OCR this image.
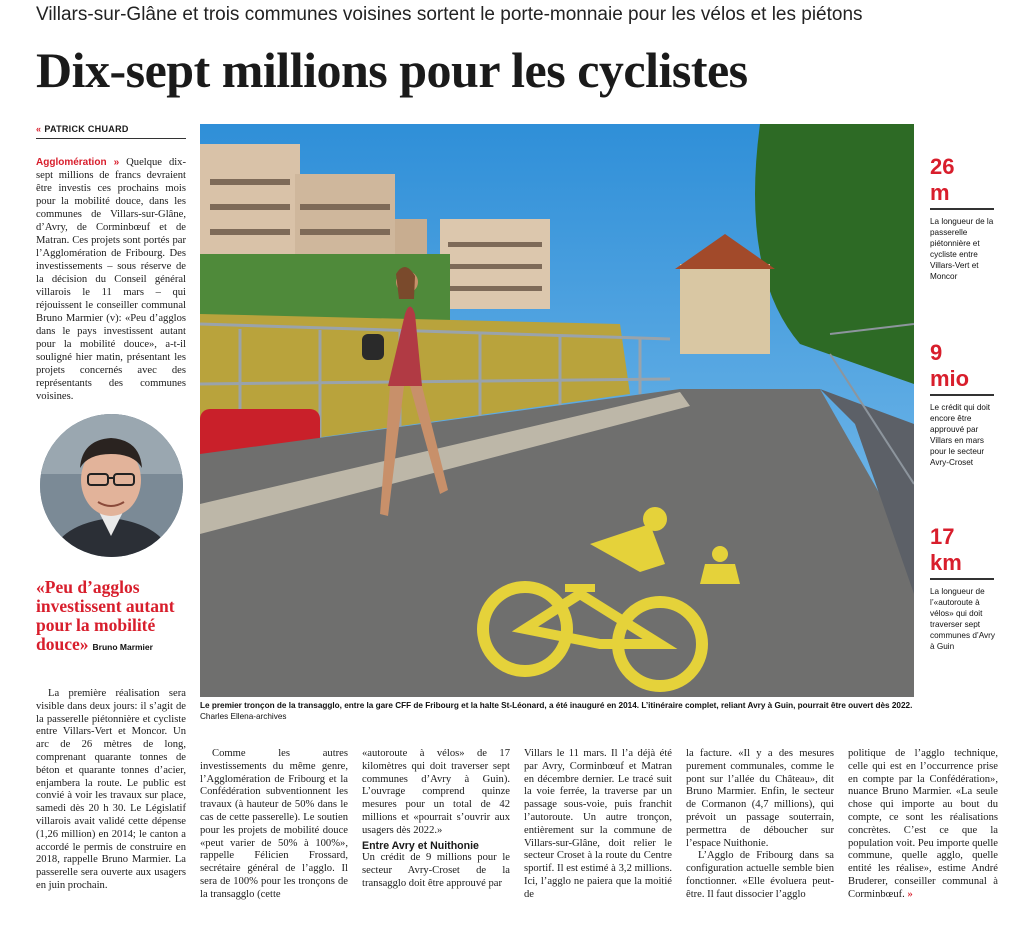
Villars-sur-Glâne et trois communes voisines sortent le porte-monnaie pour les vélos et les piétons
Dix-sept millions pour les cyclistes
« PATRICK CHUARD
Agglomération » Quelque dix-sept millions de francs devraient être investis ces prochains mois pour la mobilité douce, dans les communes de Villars-sur-Glâne, d’Avry, de Corminbœuf et de Matran. Ces projets sont portés par l’Agglomération de Fribourg. Des investissements – sous réserve de la décision du Conseil général villarois le 11 mars – qui réjouissent le conseiller communal Bruno Marmier (v): «Peu d’agglos dans le pays investissent autant pour la mobilité douce», a-t-il souligné hier matin, présentant les projets concernés avec des représentants des communes voisines.
«Peu d’agglos investissent autant pour la mobilité douce» Bruno Marmier
Le premier tronçon de la transagglo, entre la gare CFF de Fribourg et la halte St-Léonard, a été inauguré en 2014. L’itinéraire complet, reliant Avry à Guin, pourrait être ouvert dès 2022. Charles Ellena-archives
26
m
La longueur de la passerelle piétonnière et cycliste entre Villars-Vert et Moncor
9
mio
Le crédit qui doit encore être approuvé par Villars en mars pour le secteur Avry-Croset
17
km
La longueur de l’«autoroute à vélos» qui doit traverser sept communes d’Avry à Guin

La première réalisation sera visible dans deux jours: il s’agit de la passerelle piétonnière et cycliste entre Villars-Vert et Moncor. Un arc de 26 mètres de long, comprenant quarante tonnes de béton et quarante tonnes d’acier, enjambera la route. Le public est convié à voir les travaux sur place, samedi dès 20 h 30. Le Législatif villarois avait validé cette dépense (1,26 million) en 2014; le canton a accordé le permis de construire en 2018, rappelle Bruno Marmier. La passerelle sera ouverte aux usagers en juin prochain.

Comme les autres investissements du même genre, l’Agglomération de Fribourg et la Confédération subventionnent les travaux (à hauteur de 50% dans le cas de cette passerelle). Le soutien pour les projets de mobilité douce «peut varier de 50% à 100%», rappelle Félicien Frossard, secrétaire général de l’agglo. Il sera de 100% pour les tronçons de la transagglo (cette

«autoroute à vélos» de 17 kilomètres qui doit traverser sept communes d’Avry à Guin). L’ouvrage comprend quinze mesures pour un total de 42 millions et «pourrait s’ouvrir aux usagers dès 2022.»

Entre Avry et Nuithonie

Un crédit de 9 millions pour le secteur Avry-Croset de la transagglo doit être approuvé par

Villars le 11 mars. Il l’a déjà été par Avry, Corminbœuf et Matran en décembre dernier. Le tracé suit la voie ferrée, la traverse par un passage sous-voie, puis franchit l’autoroute. Un autre tronçon, entièrement sur la commune de Villars-sur-Glâne, doit relier le secteur Croset à la route du Centre sportif. Il est estimé à 3,2 millions. Ici, l’agglo ne paiera que la moitié de

la facture. «Il y a des mesures purement communales, comme le pont sur l’allée du Château», dit Bruno Marmier. Enfin, le secteur de Cormanon (4,7 millions), qui prévoit un passage souterrain, permettra de déboucher sur l’espace Nuithonie.

L’Agglo de Fribourg dans sa configuration actuelle semble bien fonctionner. «Elle évoluera peut-être. Il faut dissocier l’agglo

politique de l’agglo technique, celle qui est en l’occurrence prise en compte par la Confédération», nuance Bruno Marmier. «La seule chose qui importe au bout du compte, ce sont les réalisations concrètes. C’est ce que la population voit. Peu importe quelle commune, quelle agglo, quelle entité les réalise», estime André Bruderer, conseiller communal à Corminbœuf. »
